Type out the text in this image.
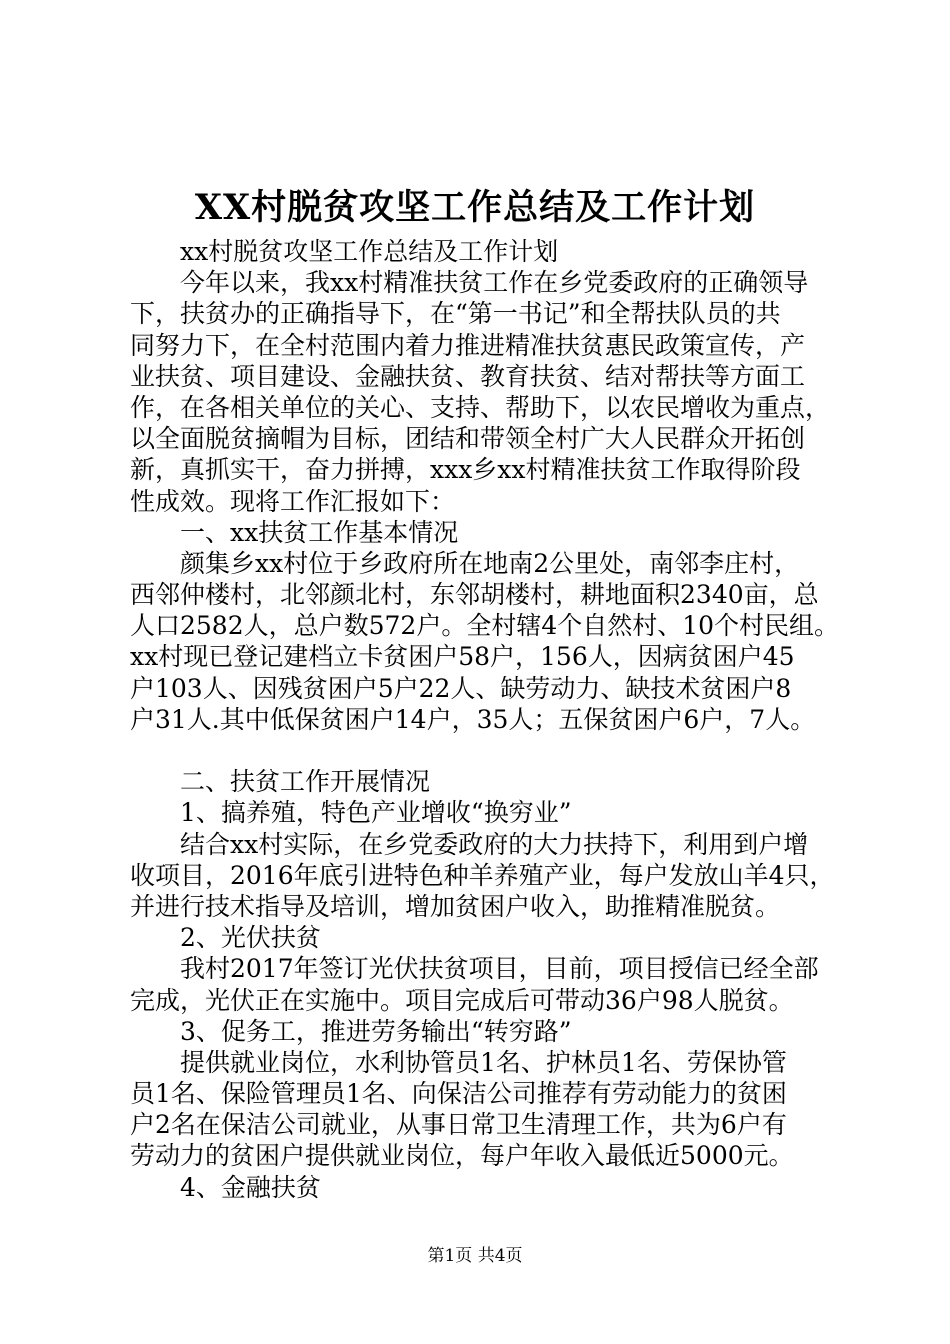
XX村脱贫攻坚工作总结及工作计划
xx村脱贫攻坚工作总结及工作计划
今年以来，我xx村精准扶贫工作在乡党委政府的正确领导
下，扶贫办的正确指导下，在“第一书记”和全帮扶队员的共
同努力下，在全村范围内着力推进精准扶贫惠民政策宣传，产
业扶贫、项目建设、金融扶贫、教育扶贫、结对帮扶等方面工
作，在各相关单位的关心、支持、帮助下，以农民增收为重点，
以全面脱贫摘帽为目标，团结和带领全村广大人民群众开拓创
新，真抓实干，奋力拼搏，xxx乡xx村精准扶贫工作取得阶段
性成效。现将工作汇报如下：
一、xx扶贫工作基本情况
颜集乡xx村位于乡政府所在地南2公里处，南邻李庄村，
西邻仲楼村，北邻颜北村，东邻胡楼村，耕地面积2340亩，总
人口2582人，总户数572户。全村辖4个自然村、10个村民组。
xx村现已登记建档立卡贫困户58户，156人，因病贫困户45
户103人、因残贫困户5户22人、缺劳动力、缺技术贫困户8
户31人.其中低保贫困户14户，35人；五保贫困户6户，7人。
二、扶贫工作开展情况
1、搞养殖，特色产业增收“换穷业”
结合xx村实际，在乡党委政府的大力扶持下，利用到户增
收项目，2016年底引进特色种羊养殖产业，每户发放山羊4只，
并进行技术指导及培训，增加贫困户收入，助推精准脱贫。
2、光伏扶贫
我村2017年签订光伏扶贫项目，目前，项目授信已经全部
完成，光伏正在实施中。项目完成后可带动36户98人脱贫。
3、促务工，推进劳务输出“转穷路”
提供就业岗位，水利协管员1名、护林员1名、劳保协管
员1名、保险管理员1名、向保洁公司推荐有劳动能力的贫困
户2名在保洁公司就业，从事日常卫生清理工作，共为6户有
劳动力的贫困户提供就业岗位，每户年收入最低近5000元。
4、金融扶贫
第1页 共4页
